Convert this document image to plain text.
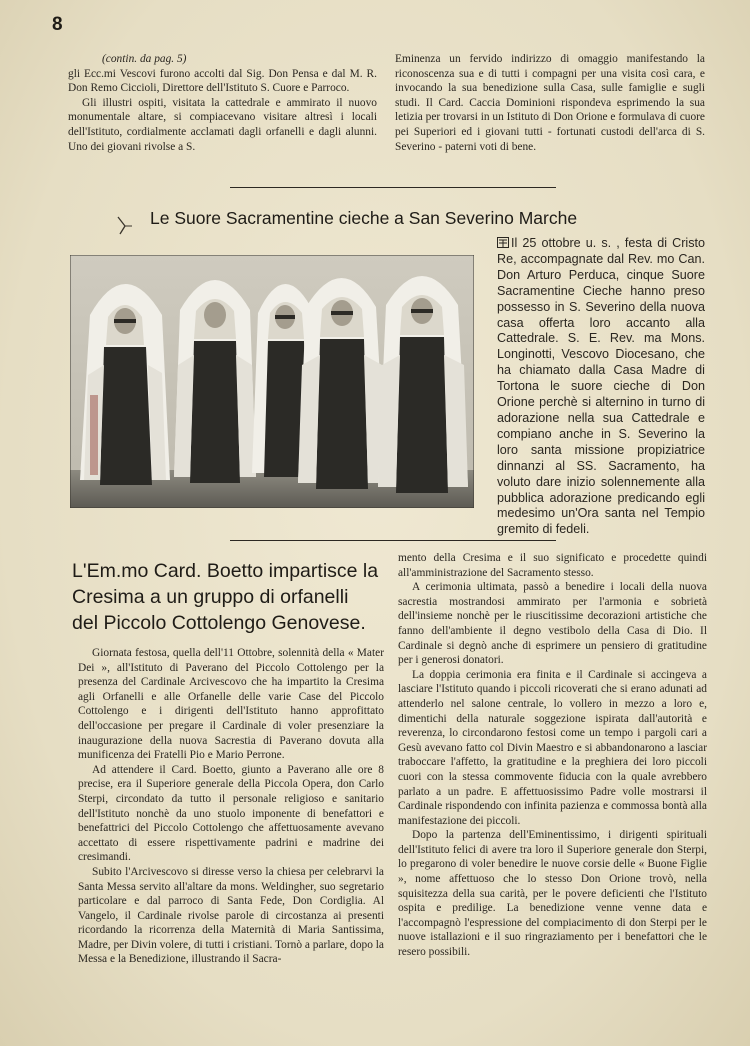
8

(contin. da pag. 5)

gli Ecc.mi Vescovi furono accolti dal Sig. Don Pensa e dal M. R. Don Remo Ciccioli, Direttore dell'Istituto S. Cuore e Parroco.

Gli illustri ospiti, visitata la cattedrale e ammirato il nuovo monumentale altare, si compiacevano visitare altresì i locali dell'Istituto, cordialmente acclamati dagli orfanelli e dagli alunni. Uno dei giovani rivolse a S.

Eminenza un fervido indirizzo di omaggio manifestando la riconoscenza sua e di tutti i compagni per una visita così cara, e invocando la sua benedizione sulla Casa, sulle famiglie e sugli studi. Il Card. Caccia Dominioni rispondeva esprimendo la sua letizia per trovarsi in un Istituto di Don Orione e formulava di cuore pei Superiori ed i giovani tutti - fortunati custodi dell'arca di S. Severino - paterni voti di bene.

Le Suore Sacramentine cieche a San Severino Marche

Il 25 ottobre u. s. , festa di Cristo Re, accompagnate dal Rev. mo Can. Don Arturo Perduca, cinque Suore Sacramentine Cieche hanno preso possesso in S. Severino della nuova casa offerta loro accanto alla Cattedrale. S. E. Rev. ma Mons. Longinotti, Vescovo Diocesano, che ha chiamato dalla Casa Madre di Tortona le suore cieche di Don Orione perchè si alternino in turno di adorazione nella sua Cattedrale e compiano anche in S. Severino la loro santa missione propiziatrice dinnanzi al SS. Sacramento, ha voluto dare inizio solennemente alla pubblica adorazione predicando egli medesimo un'Ora santa nel Tempio gremito di fedeli.

L'Em.mo Card. Boetto impartisce la
Cresima a un gruppo di orfanelli
del Piccolo Cottolengo Genovese.

Giornata festosa, quella dell'11 Ottobre, solennità della « Mater Dei », all'Istituto di Paverano del Piccolo Cottolengo per la presenza del Cardinale Arcivescovo che ha impartito la Cresima agli Orfanelli e alle Orfanelle delle varie Case del Piccolo Cottolengo e i dirigenti dell'Istituto hanno approfittato dell'occasione per pregare il Cardinale di voler presenziare la inaugurazione della nuova Sacrestia di Paverano dovuta alla munificenza dei Fratelli Pio e Mario Perrone.

Ad attendere il Card. Boetto, giunto a Paverano alle ore 8 precise, era il Superiore generale della Piccola Opera, don Carlo Sterpi, circondato da tutto il personale religioso e sanitario dell'Istituto nonchè da uno stuolo imponente di benefattori e benefattrici del Piccolo Cottolengo che affettuosamente avevano accettato di essere rispettivamente padrini e madrine dei cresimandi.

Subito l'Arcivescovo si diresse verso la chiesa per celebrarvi la Santa Messa servito all'altare da mons. Weldingher, suo segretario particolare e dal parroco di Santa Fede, Don Cordiglia. Al Vangelo, il Cardinale rivolse parole di circostanza ai presenti ricordando la ricorrenza della Maternità di Maria Santissima, Madre, per Divin volere, di tutti i cristiani. Tornò a parlare, dopo la Messa e la Benedizione, illustrando il Sacra-

mento della Cresima e il suo significato e procedette quindi all'amministrazione del Sacramento stesso.

A cerimonia ultimata, passò a benedire i locali della nuova sacrestia mostrandosi ammirato per l'armonia e sobrietà dell'insieme nonchè per le riuscitissime decorazioni artistiche che fanno dell'ambiente il degno vestibolo della Casa di Dio. Il Cardinale si degnò anche di esprimere un pensiero di gratitudine per i generosi donatori.

La doppia cerimonia era finita e il Cardinale si accingeva a lasciare l'Istituto quando i piccoli ricoverati che si erano adunati ad attenderlo nel salone centrale, lo vollero in mezzo a loro e, dimentichi della naturale soggezione ispirata dall'autorità e reverenza, lo circondarono festosi come un tempo i pargoli cari a Gesù avevano fatto col Divin Maestro e si abbandonarono a lasciar traboccare l'affetto, la gratitudine e la preghiera dei loro piccoli cuori con la stessa commovente fiducia con la quale avrebbero parlato a un padre. E affettuosissimo Padre volle mostrarsi il Cardinale rispondendo con infinita pazienza e commossa bontà alla manifestazione dei piccoli.

Dopo la partenza dell'Eminentissimo, i dirigenti spirituali dell'Istituto felici di avere tra loro il Superiore generale don Sterpi, lo pregarono di voler benedire le nuove corsie delle « Buone Figlie », nome affettuoso che lo stesso Don Orione trovò, nella squisitezza della sua carità, per le povere deficienti che l'Istituto ospita e predilige. La benedizione venne venne data e l'accompagnò l'espressione del compiacimento di don Sterpi per le nuove istallazioni e il suo ringraziamento per i benefattori che le resero possibili.
